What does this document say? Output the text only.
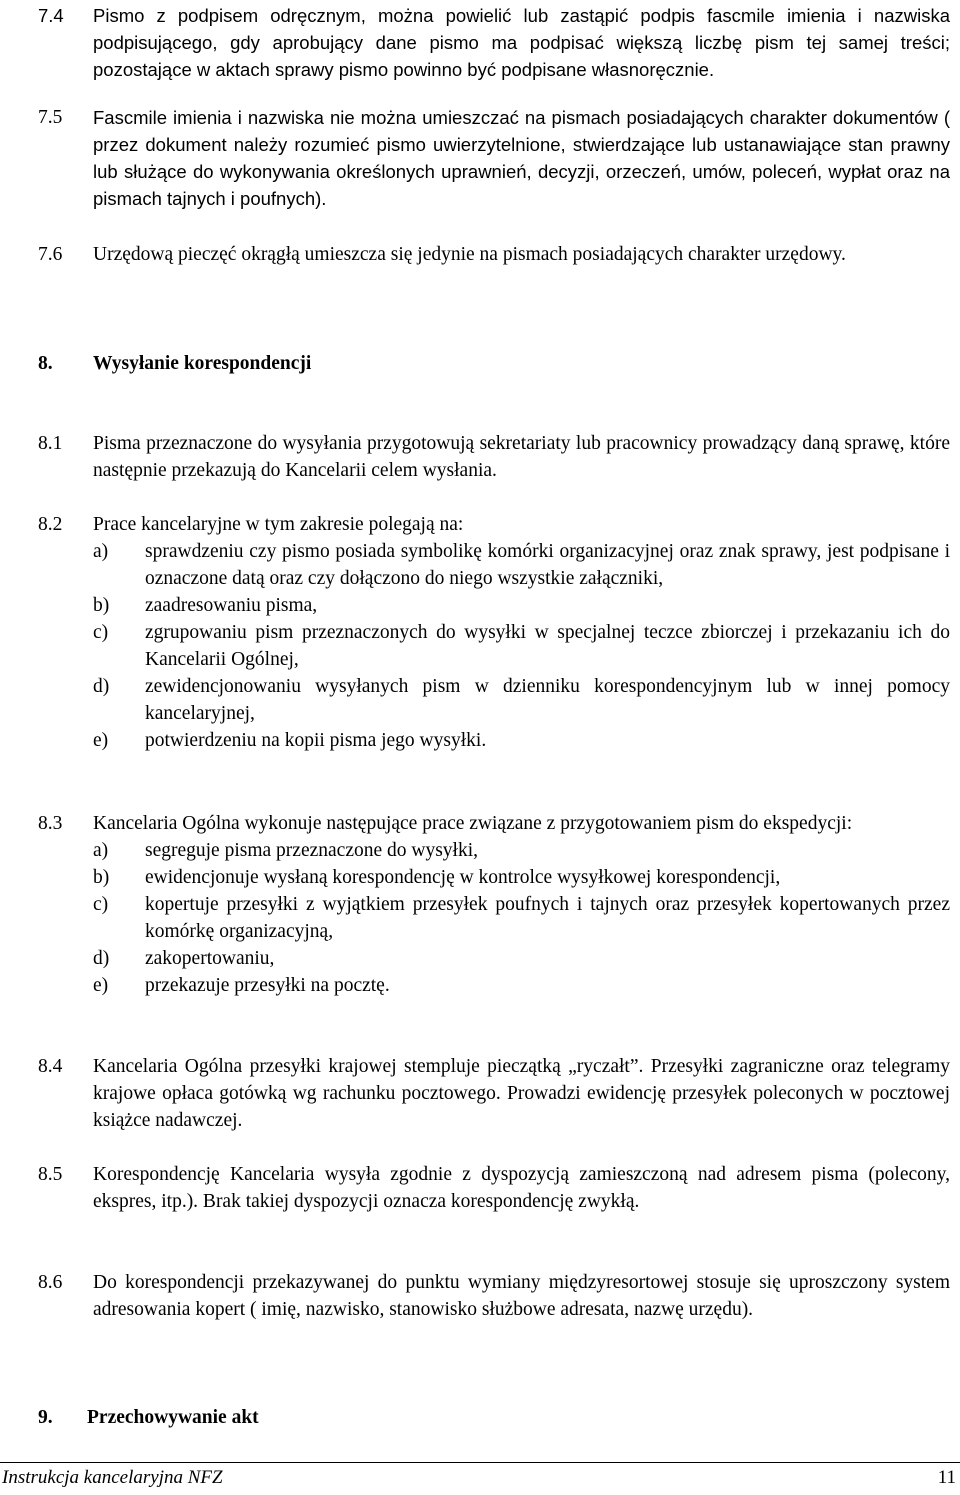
7.4	Pismo z podpisem odręcznym, można powielić lub zastąpić podpis fascmile imienia i nazwiska podpisującego, gdy aprobujący dane pismo ma podpisać większą liczbę pism tej samej treści; pozostające w aktach sprawy pismo powinno być podpisane własnoręcznie.
7.5	Fascmile imienia i nazwiska nie można umieszczać na pismach posiadających charakter dokumentów ( przez dokument należy rozumieć pismo uwierzytelnione, stwierdzające lub ustanawiające stan prawny lub służące do wykonywania określonych uprawnień, decyzji, orzeczeń, umów, poleceń, wypłat oraz na pismach tajnych i poufnych).
7.6	Urzędową pieczęć okrągłą umieszcza się jedynie na pismach posiadających charakter urzędowy.
8. Wysyłanie korespondencji
8.1	Pisma przeznaczone do wysyłania przygotowują sekretariaty lub pracownicy prowadzący daną sprawę, które następnie przekazują do Kancelarii celem wysłania.
8.2	Prace kancelaryjne w tym zakresie polegają na:
a) sprawdzeniu czy pismo posiada symbolikę komórki organizacyjnej oraz znak sprawy, jest podpisane i oznaczone datą oraz czy dołączono do niego wszystkie załączniki,
b) zaadresowaniu pisma,
c) zgrupowaniu pism przeznaczonych do wysyłki w specjalnej teczce zbiorczej i przekazaniu ich do Kancelarii Ogólnej,
d) zewidencjonowaniu wysyłanych pism w dzienniku korespondencyjnym lub w innej pomocy kancelaryjnej,
e) potwierdzeniu na kopii pisma jego wysyłki.
8.3	Kancelaria Ogólna wykonuje następujące prace związane z przygotowaniem pism do ekspedycji:
a) segreguje pisma przeznaczone do wysyłki,
b) ewidencjonuje wysłaną korespondencję w kontrolce wysyłkowej korespondencji,
c) kopertuje przesyłki z wyjątkiem przesyłek poufnych i tajnych oraz przesyłek kopertowanych przez komórkę organizacyjną,
d) zakopertowaniu,
e) przekazuje przesyłki na pocztę.
8.4	Kancelaria Ogólna przesyłki krajowej stempluje pieczątką „ryczałt”. Przesyłki zagraniczne oraz telegramy krajowe opłaca gotówką wg rachunku pocztowego. Prowadzi ewidencję przesyłek poleconych w pocztowej książce nadawczej.
8.5	Korespondencję Kancelaria wysyła zgodnie z dyspozycją zamieszczoną nad adresem pisma (polecony, ekspres, itp.). Brak takiej dyspozycji oznacza korespondencję zwykłą.
8.6	Do korespondencji przekazywanej do punktu wymiany międzyresortowej stosuje się uproszczony system adresowania kopert ( imię, nazwisko, stanowisko służbowe adresata, nazwę urzędu).
9. Przechowywanie akt
Instrukcja kancelaryjna NFZ	11
